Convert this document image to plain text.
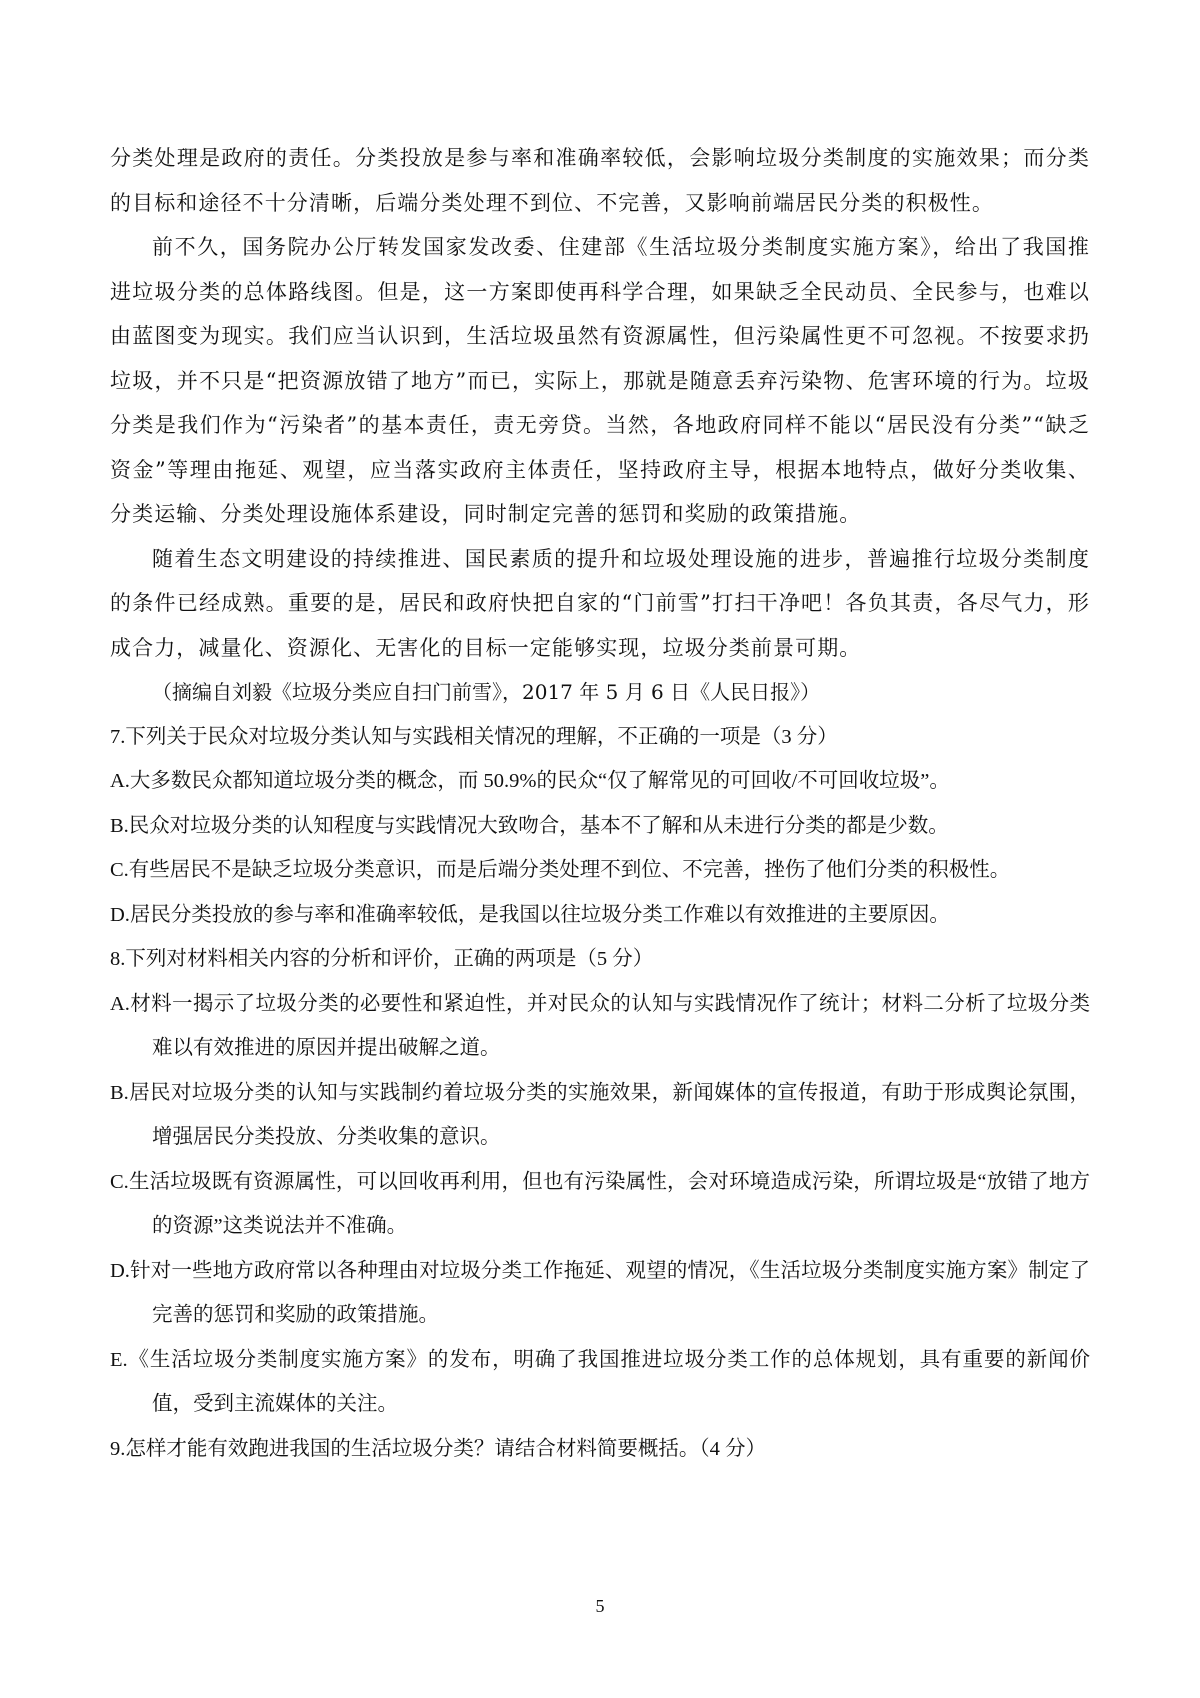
分类处理是政府的责任。分类投放是参与率和准确率较低，会影响垃圾分类制度的实施效果；而分类的目标和途径不十分清晰，后端分类处理不到位、不完善，又影响前端居民分类的积极性。

前不久，国务院办公厅转发国家发改委、住建部《生活垃圾分类制度实施方案》，给出了我国推进垃圾分类的总体路线图。但是，这一方案即使再科学合理，如果缺乏全民动员、全民参与，也难以由蓝图变为现实。我们应当认识到，生活垃圾虽然有资源属性，但污染属性更不可忽视。不按要求扔垃圾，并不只是“把资源放错了地方”而已，实际上，那就是随意丢弃污染物、危害环境的行为。垃圾分类是我们作为“污染者”的基本责任，责无旁贷。当然，各地政府同样不能以“居民没有分类”“缺乏资金”等理由拖延、观望，应当落实政府主体责任，坚持政府主导，根据本地特点，做好分类收集、分类运输、分类处理设施体系建设，同时制定完善的惩罚和奖励的政策措施。

随着生态文明建设的持续推进、国民素质的提升和垃圾处理设施的进步，普遍推行垃圾分类制度的条件已经成熟。重要的是，居民和政府快把自家的“门前雪”打扫干净吧！各负其责，各尽气力，形成合力，减量化、资源化、无害化的目标一定能够实现，垃圾分类前景可期。

（摘编自刘毅《垃圾分类应自扫门前雪》，2017 年 5 月 6 日《人民日报》）

7.下列关于民众对垃圾分类认知与实践相关情况的理解，不正确的一项是（3 分）

A.大多数民众都知道垃圾分类的概念，而 50.9%的民众“仅了解常见的可回收/不可回收垃圾”。

B.民众对垃圾分类的认知程度与实践情况大致吻合，基本不了解和从未进行分类的都是少数。

C.有些居民不是缺乏垃圾分类意识，而是后端分类处理不到位、不完善，挫伤了他们分类的积极性。

D.居民分类投放的参与率和准确率较低，是我国以往垃圾分类工作难以有效推进的主要原因。

8.下列对材料相关内容的分析和评价，正确的两项是（5 分）

A.材料一揭示了垃圾分类的必要性和紧迫性，并对民众的认知与实践情况作了统计；材料二分析了垃圾分类难以有效推进的原因并提出破解之道。

B.居民对垃圾分类的认知与实践制约着垃圾分类的实施效果，新闻媒体的宣传报道，有助于形成舆论氛围，增强居民分类投放、分类收集的意识。

C.生活垃圾既有资源属性，可以回收再利用，但也有污染属性，会对环境造成污染，所谓垃圾是“放错了地方的资源”这类说法并不准确。

D.针对一些地方政府常以各种理由对垃圾分类工作拖延、观望的情况，《生活垃圾分类制度实施方案》制定了完善的惩罚和奖励的政策措施。

E.《生活垃圾分类制度实施方案》的发布，明确了我国推进垃圾分类工作的总体规划，具有重要的新闻价值，受到主流媒体的关注。

9.怎样才能有效跑进我国的生活垃圾分类？请结合材料简要概括。（4 分）

5
